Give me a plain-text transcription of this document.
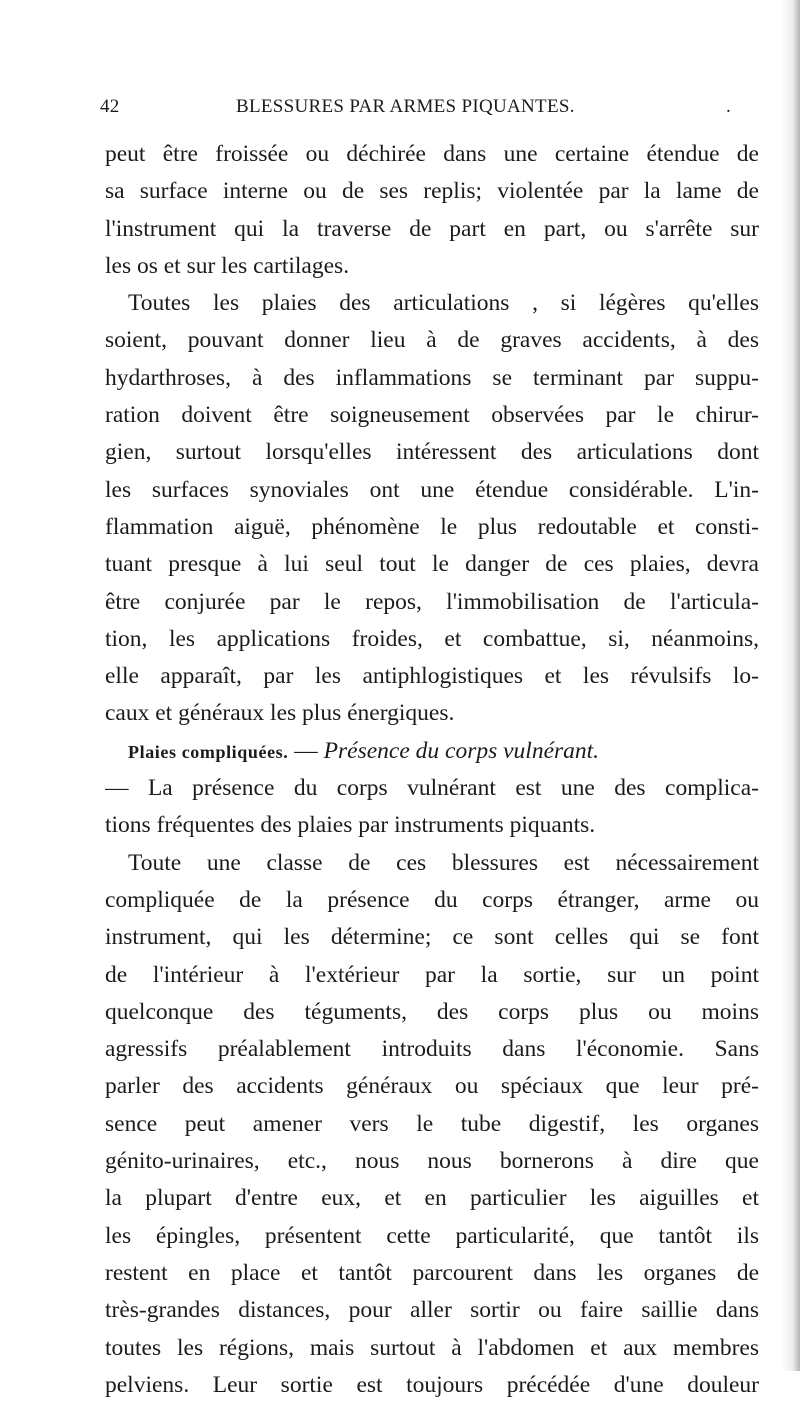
42	BLESSURES PAR ARMES PIQUANTES.	.
peut être froissée ou déchirée dans une certaine étendue de
sa surface interne ou de ses replis; violentée par la lame de
l'instrument qui la traverse de part en part, ou s'arrête sur
les os et sur les cartilages.
Toutes les plaies des articulations , si légères qu'elles
soient, pouvant donner lieu à de graves accidents, à des
hydarthroses, à des inflammations se terminant par suppu-
ration doivent être soigneusement observées par le chirur-
gien, surtout lorsqu'elles intéressent des articulations dont
les surfaces synoviales ont une étendue considérable. L'in-
flammation aiguë, phénomène le plus redoutable et consti-
tuant presque à lui seul tout le danger de ces plaies, devra
être conjurée par le repos, l'immobilisation de l'articula-
tion, les applications froides, et combattue, si, néanmoins,
elle apparaît, par les antiphlogistiques et les révulsifs lo-
caux et généraux les plus énergiques.
Plaies compliquées. — Présence du corps vulnérant.
— La présence du corps vulnérant est une des complica-
tions fréquentes des plaies par instruments piquants.
Toute une classe de ces blessures est nécessairement
compliquée de la présence du corps étranger, arme ou
instrument, qui les détermine; ce sont celles qui se font
de l'intérieur à l'extérieur par la sortie, sur un point
quelconque des téguments, des corps plus ou moins
agressifs préalablement introduits dans l'économie. Sans
parler des accidents généraux ou spéciaux que leur pré-
sence peut amener vers le tube digestif, les organes
génito-urinaires, etc., nous nous bornerons à dire que
la plupart d'entre eux, et en particulier les aiguilles et
les épingles, présentent cette particularité, que tantôt ils
restent en place et tantôt parcourent dans les organes de
très-grandes distances, pour aller sortir ou faire saillie dans
toutes les régions, mais surtout à l'abdomen et aux membres
pelviens. Leur sortie est toujours précédée d'une douleur
